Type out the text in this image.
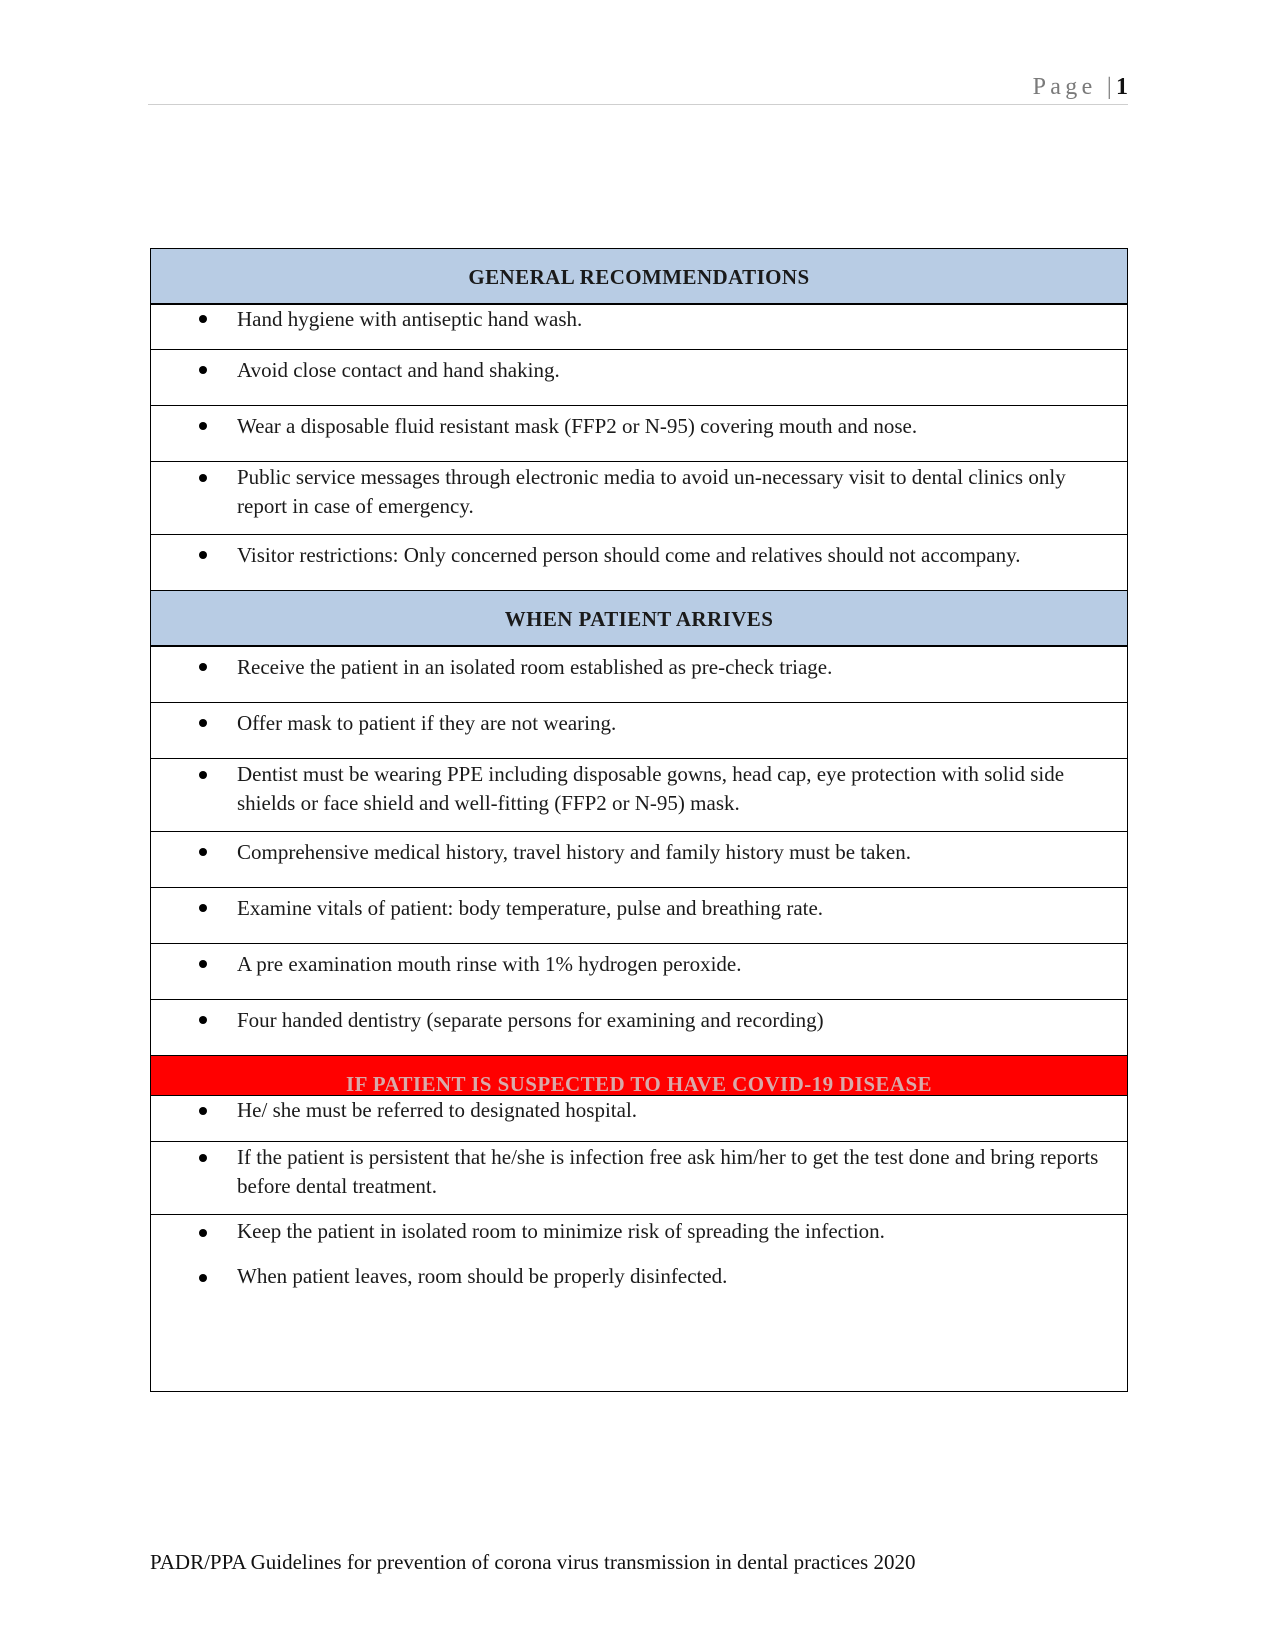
Page |1
GENERAL RECOMMENDATIONS
Hand hygiene with antiseptic hand wash.
Avoid close contact and hand shaking.
Wear a disposable fluid resistant mask (FFP2 or N-95) covering mouth and nose.
Public service messages through electronic media to avoid un-necessary visit to dental clinics only report in case of emergency.
Visitor restrictions: Only concerned person should come and relatives should not accompany.
WHEN PATIENT ARRIVES
Receive the patient in an isolated room established as pre-check triage.
Offer mask to patient if they are not wearing.
Dentist must be wearing PPE including disposable gowns, head cap, eye protection with solid side shields or face shield and well-fitting (FFP2 or N-95) mask.
Comprehensive medical history, travel history and family history must be taken.
Examine vitals of patient: body temperature, pulse and breathing rate.
A pre examination mouth rinse with 1% hydrogen peroxide.
Four handed dentistry (separate persons for examining and recording)
IF PATIENT IS SUSPECTED TO HAVE COVID-19 DISEASE
He/ she must be referred to designated hospital.
If the patient is persistent that he/she is infection free ask him/her to get the test done and bring reports before dental treatment.
Keep the patient in isolated room to minimize risk of spreading the infection.
When patient leaves, room should be properly disinfected.
PADR/PPA Guidelines for prevention of corona virus transmission in dental practices 2020
